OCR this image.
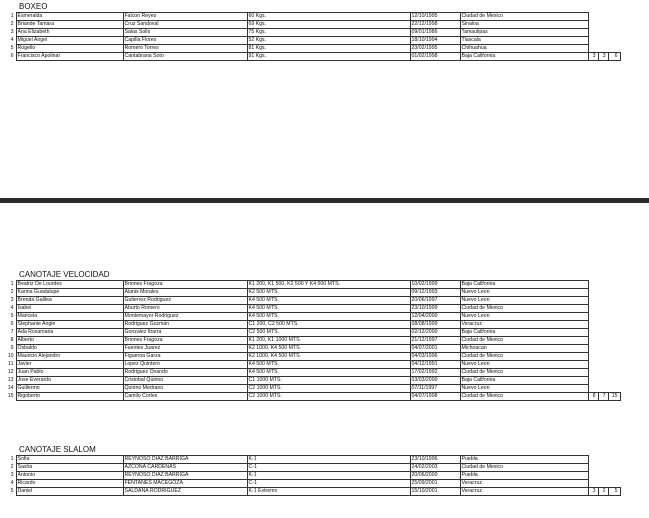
BOXEO
1	Esmeralda	Falcon Reyes	60 Kgs.	12/10/1995	Ciudad de Mexico			
2	Briande Tamara	Cruz Sandoval	69 Kgs.	22/12/1998	Sinaloa			
3	Ana Elizabeth	Salas Solis	75 Kgs.	09/01/1986	Tamaulipas			
4	Miguel Angel	Capilla Flores	52 Kgs.	18/10/1994	Tlaxcala			
5	Rogelio	Romero Torres	81 Kgs.	23/02/1995	Chihuahua			
6	Francisco Apolinar	Cantabrana Soto	91 Kgs.	01/02/1998	Baja California	3	3	6
CANOTAJE VELOCIDAD
1	Beatriz De Lourdes	Briones Fragoza	K1 200, K1 500, K2 500 Y K4 500 MTS.	10/02/1999	Baja California			
2	Karina Guadalupe	Alanis Morales	K2 500 MTS.	09/12/1993	Nuevo Leon			
3	Brenda Galilea	Gutierrez Rodriguez	K4 500 MTS.	20/06/1997	Nuevo Leon			
4	Isabel	Aburto Romero	K4 500 MTS.	23/10/1999	Ciudad de Mexico			
5	Maricela	Montemayor Rodriguez	K4 500 MTS.	12/04/2000	Nuevo Leon			
6	Stephanie Angie	Rodriguez Guzmán	C1 200, C2 500 MTS.	08/08/1999	Veracruz			
7	Ada Rosamaria	Gonzalez Ibarra	C2 500 MTS.	02/12/2000	Baja California			
8	Alberto	Briones Fragoza	K1 200, K1 1000 MTS.	21/12/1997	Ciudad de Mexico			
9	Osbaldo	Fuentes Juarez	K2 1000, K4 500 MTS.	04/07/2001	Michoacan			
10	Mauricio Alejandro	Figueroa Garza	K2 1000, K4 500 MTS.	04/03/1996	Ciudad de Mexico			
11	Javier	Lopez Quintero	K4 500 MTS.	04/12/1991	Nuevo Leon			
12	Juan Pablo	Rodriguez Ovando	K4 500 MTS.	17/02/1992	Ciudad de Mexico			
13	Jose Everardo	Cristobal Quirino	C1 1000 MTS.	03/03/2000	Baja California			
14	Guillermo	Quirino Medrano	C2 1000 MTS.	07/11/1997	Nuevo Leon			
15	Rigoberto	Camilo Cortes	C2 1000 MTS.	04/07/1998	Ciudad de Mexico	8	7	15
CANOTAJE SLALOM
1	Sofia	REYNOSO DIAZ BARRIGA	K-1	23/10/1996	Puebla			
2	Sasha	AZCONA CARDENAS	C-1	24/02/2003	Ciudad de Mexico			
3	Antonio	REYNOSO DIAZ BARRIGA	K-1	20/06/2000	Puebla			
4	Ricardo	FENTANES MACEGOZA	C-1	25/09/2001	Veracruz			
5	Daniel	SALDAÑA RODRIGUEZ	K-1 Extremo	15/10/2001	Veracruz	3	2	5
